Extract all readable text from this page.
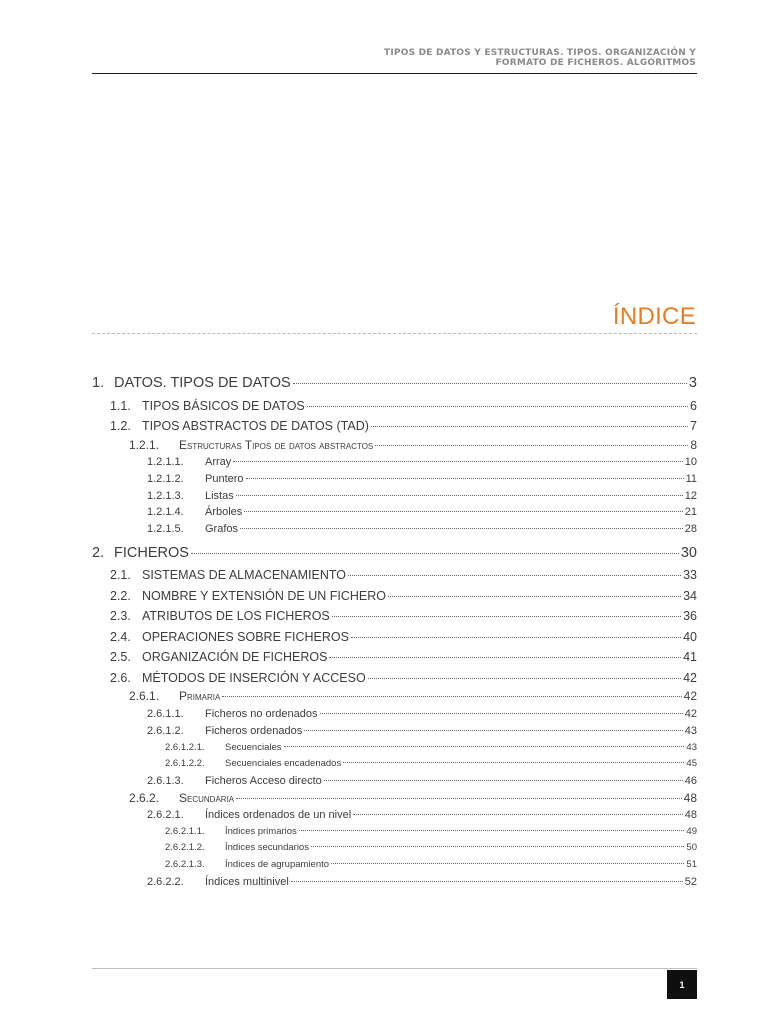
TIPOS DE DATOS Y ESTRUCTURAS. TIPOS. ORGANIZACIÓN Y
FORMATO DE FICHEROS. ALGORITMOS
ÍNDICE
1. DATOS. TIPOS DE DATOS	3
1.1. TIPOS BÁSICOS DE DATOS	6
1.2. TIPOS ABSTRACTOS DE DATOS (TAD)	7
1.2.1.	Estructuras Tipos de datos abstractos	8
1.2.1.1.	Array	10
1.2.1.2.	Puntero	11
1.2.1.3.	Listas	12
1.2.1.4.	Árboles	21
1.2.1.5.	Grafos	28
2. FICHEROS	30
2.1. SISTEMAS DE ALMACENAMIENTO	33
2.2. NOMBRE Y EXTENSIÓN DE UN FICHERO	34
2.3. ATRIBUTOS DE LOS FICHEROS	36
2.4. OPERACIONES SOBRE FICHEROS	40
2.5. ORGANIZACIÓN DE FICHEROS	41
2.6. MÉTODOS DE INSERCIÓN Y ACCESO	42
2.6.1.	Primaria	42
2.6.1.1.	Ficheros no ordenados	42
2.6.1.2.	Ficheros ordenados	43
2.6.1.2.1.	Secuenciales	43
2.6.1.2.2.	Secuenciales encadenados	45
2.6.1.3.	Ficheros Acceso directo	46
2.6.2.	Secundaria	48
2.6.2.1.	Índices ordenados de un nivel	48
2.6.2.1.1.	Índices primarios	49
2.6.2.1.2.	Índices secundarios	50
2.6.2.1.3.	Índices de agrupamiento	51
2.6.2.2.	Índices multinivel	52
1
